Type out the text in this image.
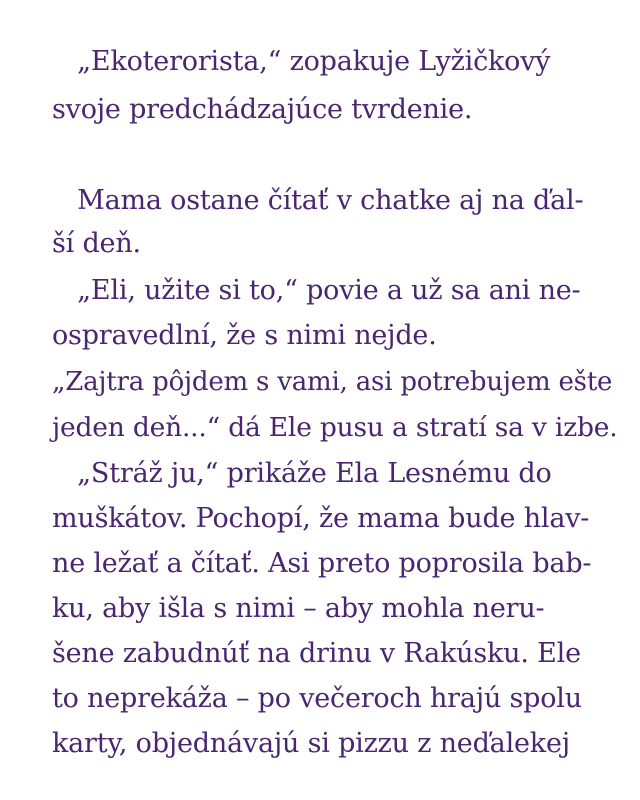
„Ekoterorista,“ zopakuje Lyžičkový
svoje predchádzajúce tvrdenie.
Mama ostane čítať v chatke aj na ďal-
ší deň.
„Eli, užite si to,“ povie a už sa ani ne-
ospravedlní, že s nimi nejde.
„Zajtra pôjdem s vami, asi potrebujem ešte
jeden deň...“ dá Ele pusu a stratí sa v izbe.
„Stráž ju,“ prikáže Ela Lesnému do
muškátov. Pochopí, že mama bude hlav-
ne ležať a čítať. Asi preto poprosila bab-
ku, aby išla s nimi – aby mohla neru-
šene zabudnúť na drinu v Rakúsku. Ele
to neprekáža – po večeroch hrajú spolu
karty, objednávajú si pizzu z neďalekej
